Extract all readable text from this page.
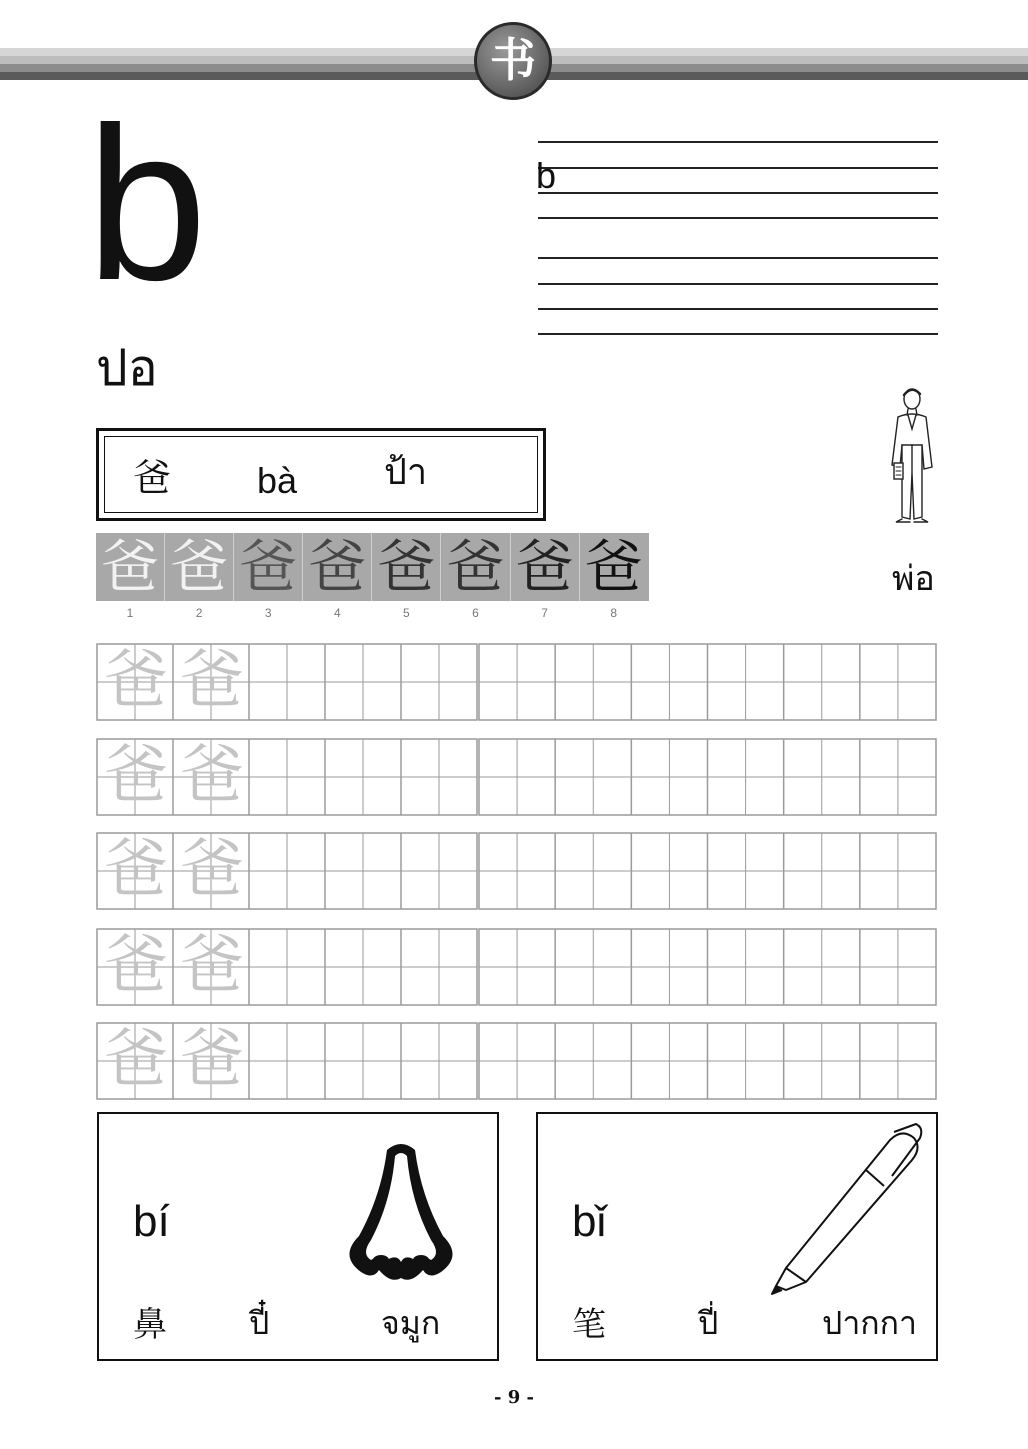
书
b
ปอ
b
爸 bà ป้า
พ่อ
爸 爸 爸 爸 爸 爸 爸 爸
1	2	3	4	5	6	7	8
爸 爸
爸 爸
爸 爸
爸 爸
爸 爸
bí
鼻	ปี๋	จมูก
bǐ
笔	ปี่	ปากกา
- 9 -
